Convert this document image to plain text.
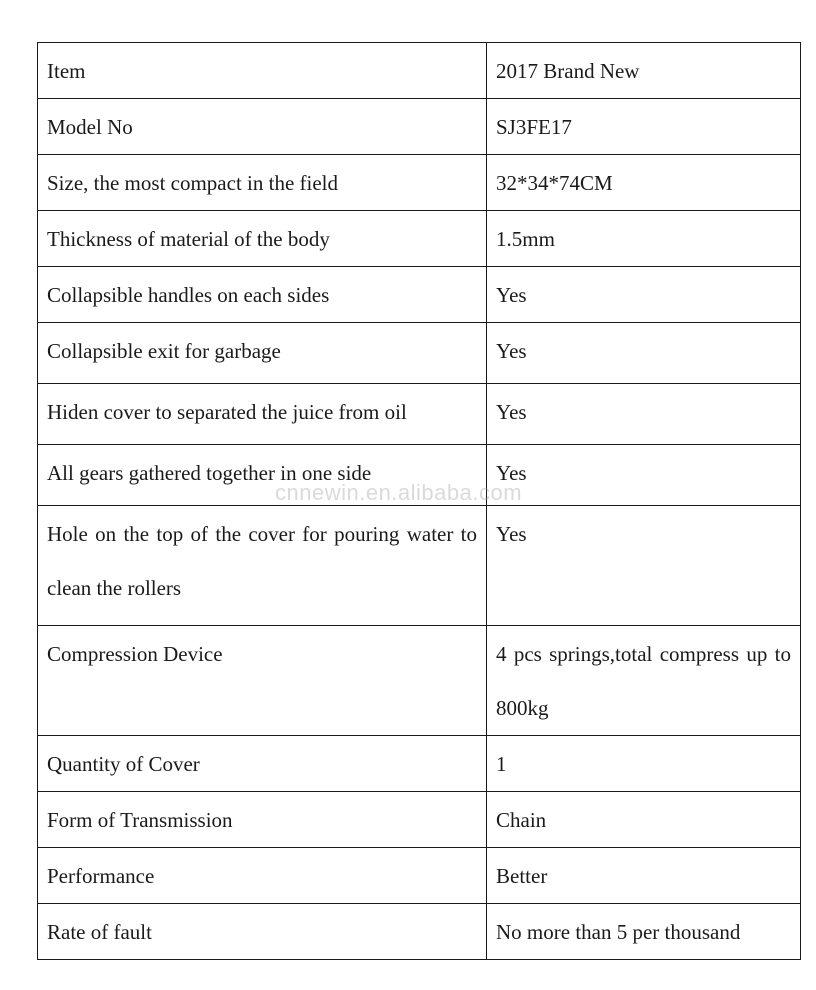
Item	2017 Brand New

Model No	SJ3FE17

Size, the most compact in the field	32*34*74CM

Thickness of material of the body	1.5mm

Collapsible handles on each sides	Yes

Collapsible exit for garbage	Yes

Hiden cover to separated the juice from oil	Yes

All gears gathered together in one side	Yes

Hole on the top of the cover for pouring water to clean the rollers	Yes

Compression Device	4 pcs springs,total compress up to 800kg

Quantity of Cover	1

Form of Transmission	Chain

Performance	Better

Rate of fault	No more than 5 per thousand
cnnewin.en.alibaba.com
